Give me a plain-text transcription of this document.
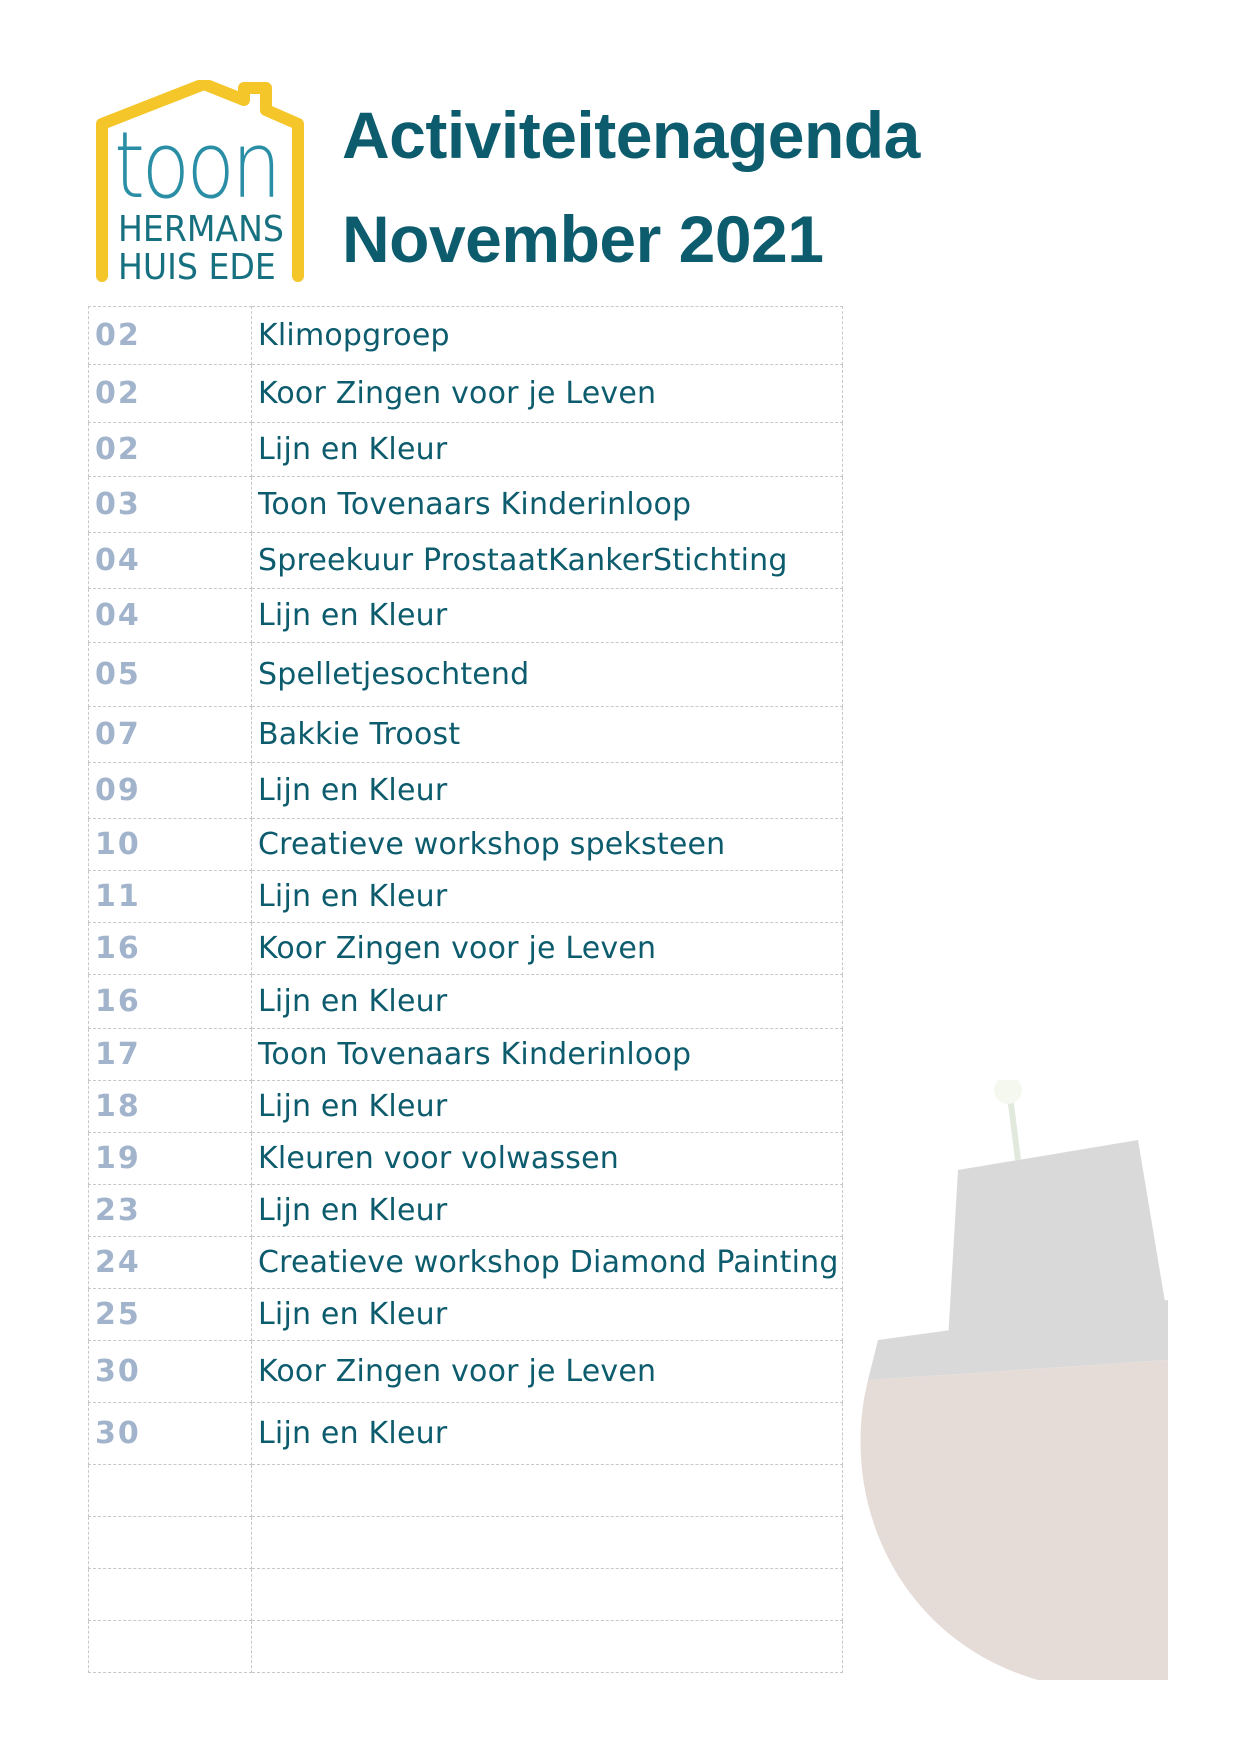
toon
HERMANS
HUIS EDE
Activiteitenagenda
November 2021
02	Klimopgroep
02	Koor Zingen voor je Leven
02	Lijn en Kleur
03	Toon Tovenaars Kinderinloop
04	Spreekuur ProstaatKankerStichting
04	Lijn en Kleur
05	Spelletjesochtend
07	Bakkie Troost
09	Lijn en Kleur
10	Creatieve workshop speksteen
11	Lijn en Kleur
16	Koor Zingen voor je Leven
16	Lijn en Kleur
17	Toon Tovenaars Kinderinloop
18	Lijn en Kleur
19	Kleuren voor volwassen
23	Lijn en Kleur
24	Creatieve workshop Diamond Painting
25	Lijn en Kleur
30	Koor Zingen voor je Leven
30	Lijn en Kleur
